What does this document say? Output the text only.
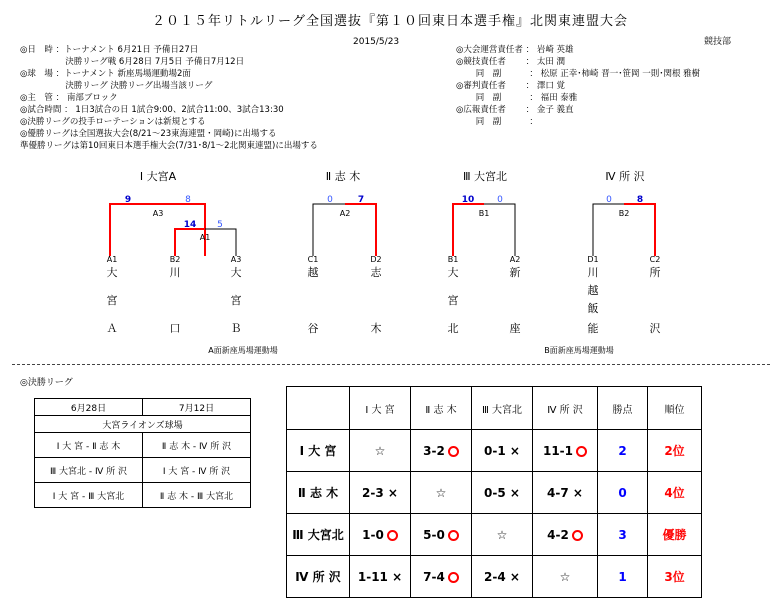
２０１５年リトルリーグ全国選抜『第１０回東日本選手権』北関東連盟大会
2015/5/23	競技部
◎日　時 ：トーナメント 6月21日 予備日27日
　　　　　 決勝リーグ戦 6月28日 7月5日 予備日7月12日
◎球　場 ：トーナメント 新座馬場運動場2面
　　　　　 決勝リーグ 決勝リーグ出場当該リーグ
◎主　管 ： 南部ブロック
◎試合時間 ： 1日3試合の日 1試合9:00、2試合11:00、3試合13:30
◎決勝リーグの投手ローテーションは新規とする
◎優勝リーグは全国選抜大会(8/21～23東海連盟・岡崎)に出場する
準優勝リーグは第10回東日本選手権大会(7/31･8/1～2北関東連盟)に出場する
◎大会運営責任者 ： 岩崎 英雄
◎競技責任者　　 ： 太田 潤
　　 同　副　　　 ： 松原 正幸･柿崎 晋一･笹岡 一則･関根 雅樹
◎審判責任者　　 ： 澤口 覚
　　 同　副　　　 ： 福田 泰雅
◎広報責任者　　 ： 金子 義直
　　 同　副　　　 ：
Ⅰ 大宮A
9	8
14 5
A3
A1
A1	B2	A3
大
宮
Ａ
川
口
大
宮
Ｂ
Ⅱ 志 木
0	7
A2
C1	D2
越
谷
志
木
Ⅲ 大宮北
10	0
B1
B1	A2
大
宮
北
新
座
Ⅳ 所 沢
0	8
B2
D1	C2
川
越
飯
能
所
沢
A面新座馬場運動場	B面新座馬場運動場
◎決勝リーグ
6月28日	7月12日
大宮ライオンズ球場	
Ⅰ 大 宮 - Ⅱ 志 木	Ⅱ 志 木 - Ⅳ 所 沢
Ⅲ 大宮北 - Ⅳ 所 沢	Ⅰ 大 宮 - Ⅳ 所 沢
Ⅰ 大 宮 - Ⅲ 大宮北	Ⅱ 志 木 - Ⅲ 大宮北
	Ⅰ 大 宮	Ⅱ 志 木	Ⅲ 大宮北	Ⅳ 所 沢	勝点	順位
Ⅰ 大 宮	☆	3-2	0-1 ×	11-1	2	2位
Ⅱ 志 木	2-3 ×	☆	0-5 ×	4-7 ×	0	4位
Ⅲ 大宮北	1-0	5-0	☆	4-2	3	優勝
Ⅳ 所 沢	1-11 ×	7-4	2-4 ×	☆	1	3位
